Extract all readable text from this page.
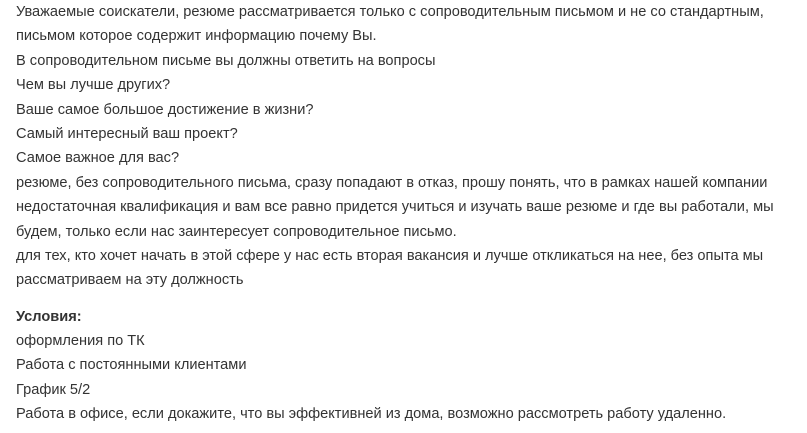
Уважаемые соискатели, резюме рассматривается только с сопроводительным письмом и не со стандартным,
письмом которое содержит информацию почему Вы.
В сопроводительном письме вы должны ответить на вопросы
Чем вы лучше других?
Ваше самое большое достижение в жизни?
Самый интересный ваш проект?
Самое важное для вас?
резюме, без сопроводительного письма, сразу попадают в отказ, прошу понять, что в рамках нашей компании
недостаточная квалификация и вам все равно придется учиться и изучать ваше резюме и где вы работали, мы
будем, только если нас заинтересует сопроводительное письмо.
для тех, кто хочет начать в этой сфере у нас есть вторая вакансия и лучше откликаться на нее, без опыта мы
рассматриваем на эту должность
Условия:
оформления по ТК
Работа с постоянными клиентами
График 5/2
Работа в офисе, если докажите, что вы эффективней из дома, возможно рассмотреть работу удаленно.
